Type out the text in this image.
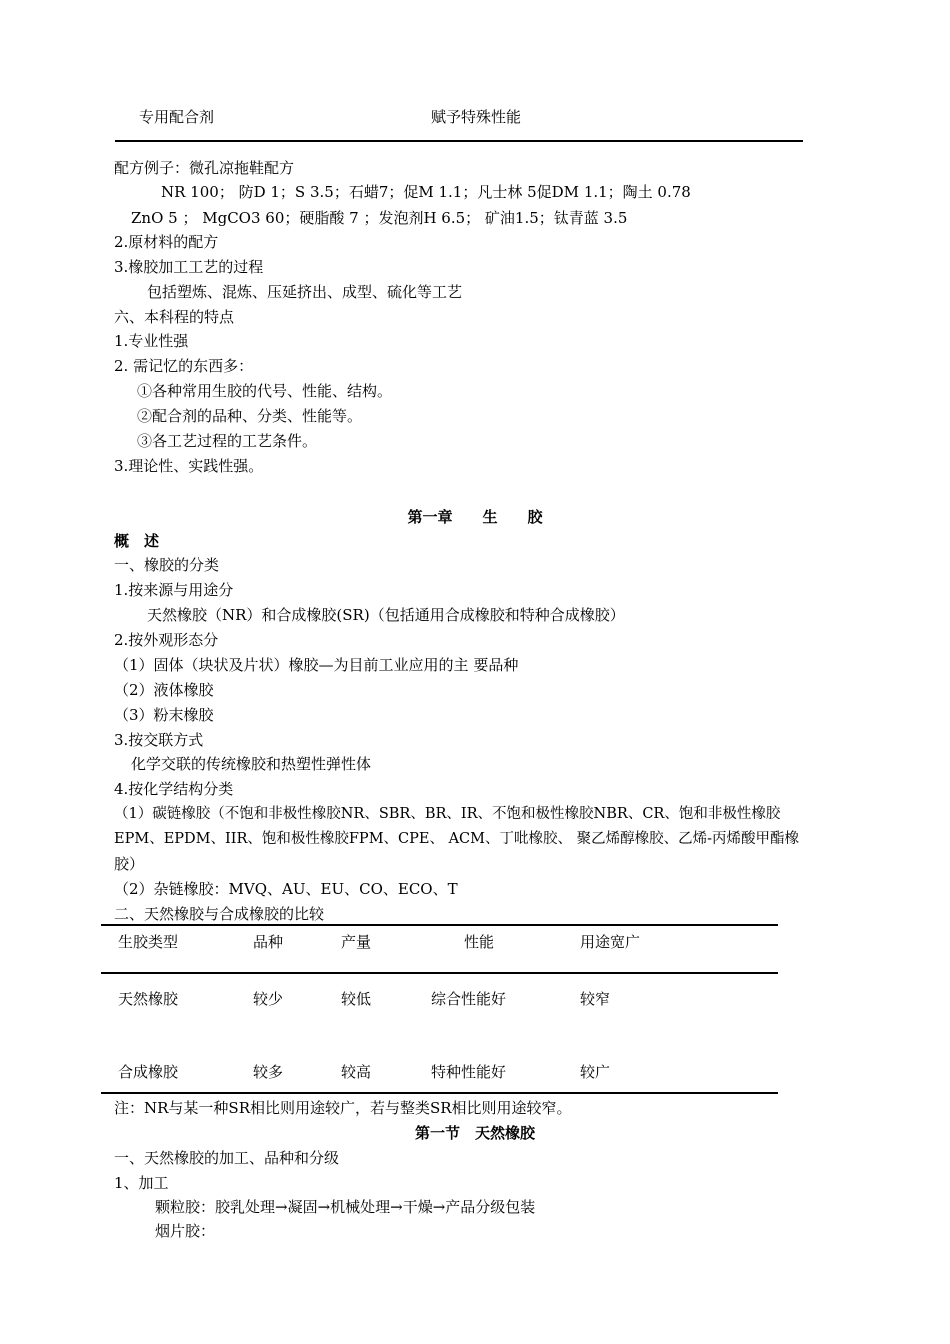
专用配合剂	赋予特殊性能
配方例子：微孔凉拖鞋配方
NR 100； 防D 1；S 3.5；石蜡7；促M 1.1；凡士林 5促DM 1.1；陶土 0.78
ZnO 5 ； MgCO3 60；硬脂酸 7 ；发泡剂H 6.5； 矿油1.5；钛青蓝 3.5
2.原材料的配方
3.橡胶加工工艺的过程
包括塑炼、混炼、压延挤出、成型、硫化等工艺
六、本科程的特点
1.专业性强
2. 需记忆的东西多：
①各种常用生胶的代号、性能、结构。
②配合剂的品种、分类、性能等。
③各工艺过程的工艺条件。
3.理论性、实践性强。
第一章　　生　　胶
概　述
一、橡胶的分类
1.按来源与用途分
天然橡胶（NR）和合成橡胶(SR)（包括通用合成橡胶和特种合成橡胶）
2.按外观形态分
（1）固体（块状及片状）橡胶—为目前工业应用的主 要品种
（2）液体橡胶
（3）粉末橡胶
3.按交联方式
化学交联的传统橡胶和热塑性弹性体
4.按化学结构分类
（1）碳链橡胶（不饱和非极性橡胶NR、SBR、BR、IR、不饱和极性橡胶NBR、CR、饱和非极性橡胶
EPM、EPDM、IIR、饱和极性橡胶FPM、CPE、 ACM、丁吡橡胶、 聚乙烯醇橡胶、乙烯-丙烯酸甲酯橡
胶）
（2）杂链橡胶：MVQ、AU、EU、CO、ECO、T
二、天然橡胶与合成橡胶的比较
生胶类型	品种	产量	性能	用途宽广
天然橡胶	较少	较低	综合性能好	较窄
合成橡胶	较多	较高	特种性能好	较广
注：NR与某一种SR相比则用途较广，若与整类SR相比则用途较窄。
第一节　天然橡胶
一、天然橡胶的加工、品种和分级
1、加工
颗粒胶：胶乳处理→凝固→机械处理→干燥→产品分级包装
烟片胶：
